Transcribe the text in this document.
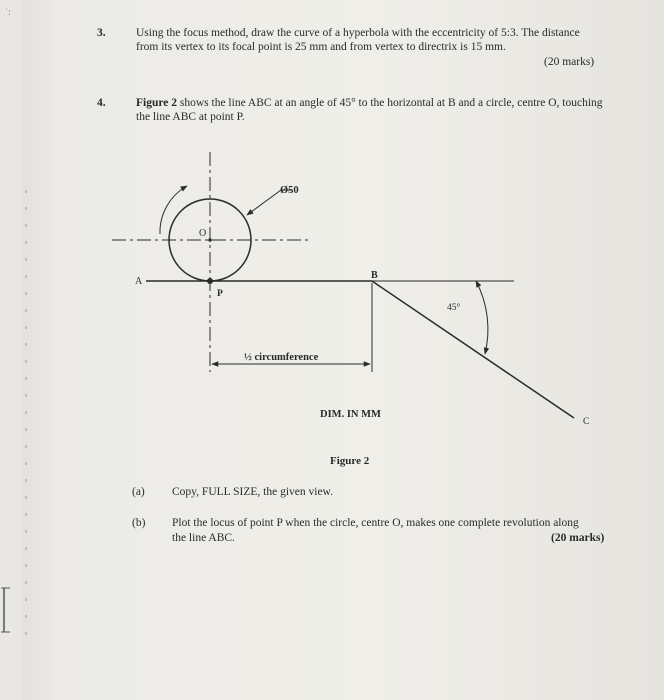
˙:
3.	Using the focus method, draw the curve of a hyperbola with the eccentricity of 5:3. The distance
from its vertex to its focal point is 25 mm and from vertex to directrix is 15 mm.
(20 marks)
4.	Figure 2 shows the line ABC at an angle of 45° to the horizontal at B and a circle, centre O, touching
the line ABC at point P.
Ø50
O
A
P
B
C
45°
½ circumference
DIM. IN MM
Figure 2
(a) Copy, FULL SIZE, the given view.
(b) Plot the locus of point P when the circle, centre O, makes one complete revolution along
the line ABC.	(20 marks)
